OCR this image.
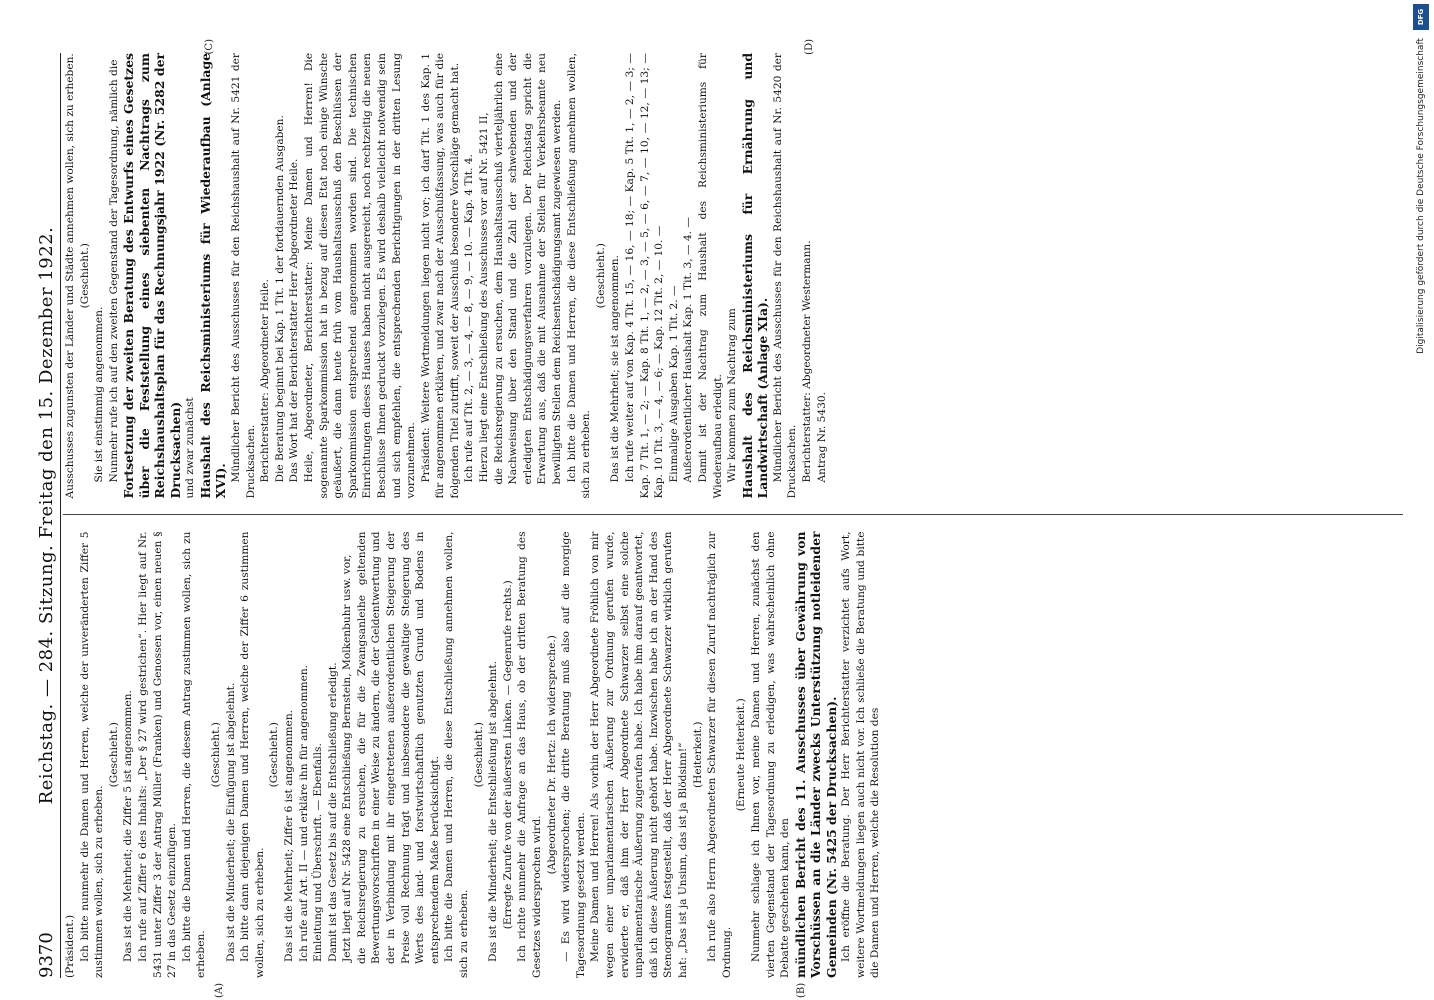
9370
Reichstag. — 284. Sitzung. Freitag den 15. Dezember 1922.
(A)	(B)

(Präsident.) Ich bitte nunmehr die Damen und Herren, welche der unveränderten Ziffer 5 zustimmen wollen, sich zu erheben.

(Geschieht.) Das ist die Mehrheit; die Ziffer 5 ist angenommen. Ich rufe auf Ziffer 6 des Inhalts: „Der § 27 wird gestrichen“. Hier liegt auf Nr. 5431 unter Ziffer 3 der Antrag Müller (Franken) und Genossen vor, einen neuen § 27 in das Gesetz einzufügen. Ich bitte die Damen und Herren, die diesem Antrag zustimmen wollen, sich zu erheben.

(Geschieht.) Das ist die Minderheit; die Einfügung ist abgelehnt. Ich bitte dann diejenigen Damen und Herren, welche der Ziffer 6 zustimmen wollen, sich zu erheben.

(Geschieht.) Das ist die Mehrheit; Ziffer 6 ist angenommen. Ich rufe auf Art. II — und erkläre ihn für angenommen. Einleitung und Überschrift. — Ebenfalls. Damit ist das Gesetz bis auf die Entschließung erledigt. Jetzt liegt auf Nr. 5428 eine Entschließung Bernstein, Molkenbuhr usw. vor, die Reichsregierung zu ersuchen, die für die Zwangsanleihe geltenden Bewertungsvorschriften in einer Weise zu ändern, die der Geldentwertung und der in Verbindung mit ihr eingetretenen außerordentlichen Steigerung der Preise voll Rechnung trägt und insbesondere die gewaltige Steigerung des Werts des land- und forstwirtschaftlich genutzten Grund und Bodens in entsprechendem Maße berücksichtigt. Ich bitte die Damen und Herren, die diese Entschließung annehmen wollen, sich zu erheben.

(Geschieht.) Das ist die Minderheit; die Entschließung ist abgelehnt. (Erregte Zurufe von der äußersten Linken. — Gegenrufe rechts.) Ich richte nunmehr die Anfrage an das Haus, ob der dritten Beratung des Gesetzes widersprochen wird.

(Abgeordneter Dr. Hertz: Ich widerspreche.) — Es wird widersprochen; die dritte Beratung muß also auf die morgige Tagesordnung gesetzt werden. Meine Damen und Herren! Als vorhin der Herr Abgeordnete Fröhlich von mir wegen einer unparlamentarischen Äußerung zur Ordnung gerufen wurde, erwiderte er, daß ihm der Herr Abgeordnete Schwarzer selbst eine solche unparlamentarische Äußerung zugerufen habe. Ich habe ihm darauf geantwortet, daß ich diese Äußerung nicht gehört habe. Inzwischen habe ich an der Hand des Stenogramms festgestellt, daß der Herr Abgeordnete Schwarzer wirklich gerufen hat: „Das ist ja Unsinn, das ist ja Blödsinn!“ (Heiterkeit.) Ich rufe also Herrn Abgeordneten Schwarzer für diesen Zuruf nachträglich zur Ordnung.

(Erneute Heiterkeit.) Nunmehr schlage ich Ihnen vor, meine Damen und Herren, zunächst den vierten Gegenstand der Tagesordnung zu erledigen, was wahrscheinlich ohne Debatte geschehen kann, den mündlichen Bericht des 11. Ausschusses über Gewährung von Vorschüssen an die Länder zwecks Unterstützung notleidender Gemeinden (Nr. 5425 der Drucksachen). Ich eröffne die Beratung. Der Herr Berichterstatter verzichtet aufs Wort, weitere Wortmeldungen liegen auch nicht vor. Ich schließe die Beratung und bitte die Damen und Herren, welche die Resolution des

(C)	(D)

Ausschusses zugunsten der Länder und Städte annehmen wollen, sich zu erheben. (Geschieht.)

Sie ist einstimmig angenommen. Nunmehr rufe ich auf den zweiten Gegenstand der Tagesordnung, nämlich die Fortsetzung der zweiten Beratung des Entwurfs eines Gesetzes über die Feststellung eines siebenten Nachtrags zum Reichshaushaltsplan für das Rechnungsjahr 1922 (Nr. 5282 der Drucksachen) und zwar zunächst Haushalt des Reichsministeriums für Wiederaufbau (Anlage XVI). Mündlicher Bericht des Ausschusses für den Reichshaushalt auf Nr. 5421 der Drucksachen. Berichterstatter: Abgeordneter Heile. Die Beratung beginnt bei Kap. 1 Tit. 1 der fortdauernden Ausgaben. Das Wort hat der Berichterstatter Herr Abgeordneter Heile. Heile, Abgeordneter, Berichterstatter: Meine Damen und Herren! Die sogenannte Sparkommission hat in bezug auf diesen Etat noch einige Wünsche geäußert, die dann heute früh vom Haushaltsausschuß den Beschlüssen der Sparkommission entsprechend angenommen worden sind. Die technischen Einrichtungen dieses Hauses haben nicht ausgereicht, noch rechtzeitig die neuen Beschlüsse Ihnen gedruckt vorzulegen. Es wird deshalb vielleicht notwendig sein und sich empfehlen, die entsprechenden Berichtigungen in der dritten Lesung vorzunehmen. Präsident: Weitere Wortmeldungen liegen nicht vor; ich darf Tit. 1 des Kap. 1 für angenommen erklären, und zwar nach der Ausschußfassung, was auch für die folgenden Titel zutrifft, soweit der Ausschuß besondere Vorschläge gemacht hat. Ich rufe auf Tit. 2, — 3, — 4, — 8, — 9, — 10. — Kap. 4 Tit. 4. Hierzu liegt eine Entschließung des Ausschusses vor auf Nr. 5421 II, die Reichsregierung zu ersuchen, dem Haushaltsausschuß vierteljährlich eine Nachweisung über den Stand und die Zahl der schwebenden und der erledigten Entschädigungsverfahren vorzulegen. Der Reichstag spricht die Erwartung aus, daß die mit Ausnahme der Stellen für Verkehrsbeamte neu bewilligten Stellen dem Reichsentschädigungsamt zugewiesen werden. Ich bitte die Damen und Herren, die diese Entschließung annehmen wollen, sich zu erheben.

(Geschieht.) Das ist die Mehrheit; sie ist angenommen. Ich rufe weiter auf von Kap. 4 Tit. 15, — 16, — 18; — Kap. 5 Tit. 1, — 2, — 3; — Kap. 7 Tit. 1, — 2; — Kap. 8 Tit. 1, — 2, — 3, — 5, — 6, — 7, — 10, — 12, — 13; — Kap. 10 Tit. 3, — 4, — 6; — Kap. 12 Tit. 2, — 10. — Einmalige Ausgaben Kap. 1 Tit. 2. — Außerordentlicher Haushalt Kap. 1 Tit. 3, — 4. — Damit ist der Nachtrag zum Haushalt des Reichsministeriums für Wiederaufbau erledigt. Wir kommen zum Nachtrag zum Haushalt des Reichsministeriums für Ernährung und Landwirtschaft (Anlage XIa). Mündlicher Bericht des Ausschusses für den Reichshaushalt auf Nr. 5420 der Drucksachen. Berichterstatter: Abgeordneter Westermann. Antrag Nr. 5430.

DFG
Digitalisierung gefördert durch die Deutsche Forschungsgemeinschaft
